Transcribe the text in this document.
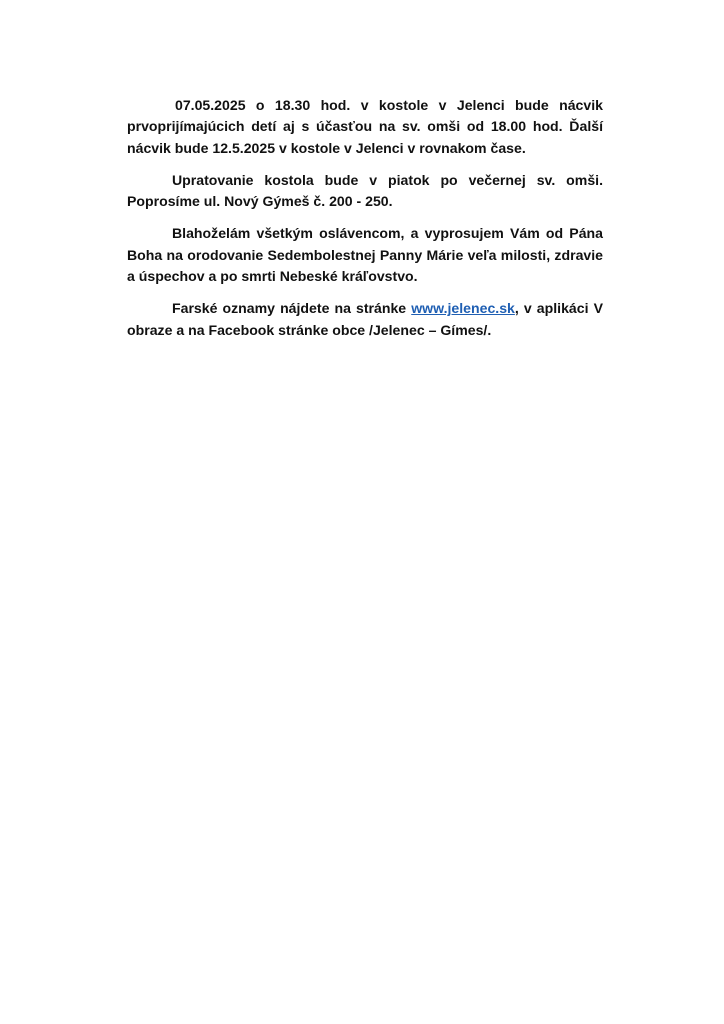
07.05.2025 o 18.30 hod. v kostole v Jelenci bude nácvik prvoprijímajúcich detí aj s účasťou na sv. omši od 18.00 hod. Ďalší nácvik bude 12.5.2025 v kostole v Jelenci v rovnakom čase.

Upratovanie kostola bude v piatok po večernej sv. omši. Poprosíme ul. Nový Gýmeš č. 200 - 250.

Blahoželám všetkým oslávencom, a vyprosujem Vám od Pána Boha na orodovanie Sedembolestnej Panny Márie veľa milosti, zdravie a úspechov a po smrti Nebeské kráľovstvo.

Farské oznamy nájdete na stránke www.jelenec.sk, v aplikáci V obraze a na Facebook stránke obce /Jelenec – Gímes/.
